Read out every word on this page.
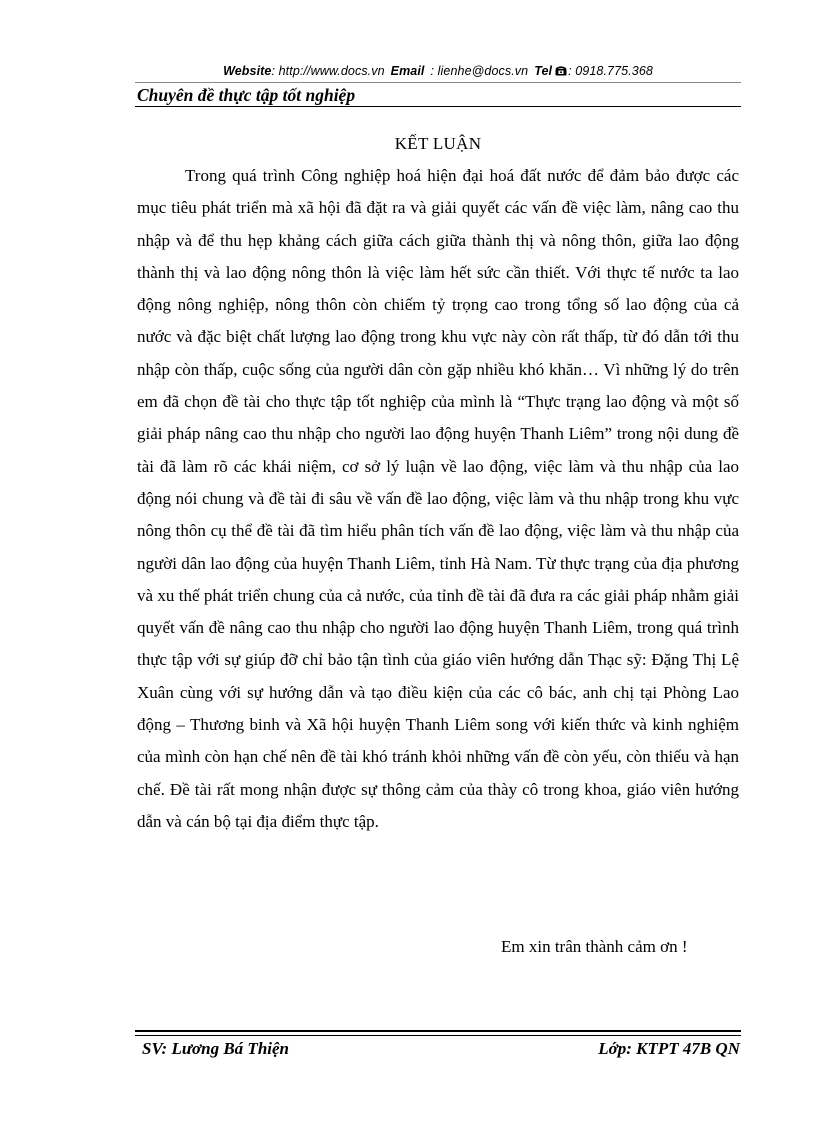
Website: http://www.docs.vn Email : lienhe@docs.vn Tel : 0918.775.368
Chuyên đề thực tập tốt nghiệp
KẾT LUẬN

Trong quá trình Công nghiệp hoá hiện đại hoá đất nước để đảm bảo được các mục tiêu phát triển mà xã hội đã đặt ra và giải quyết các vấn đề việc làm, nâng cao thu nhập và để thu hẹp khảng cách giữa cách giữa thành thị và nông thôn, giữa lao động thành thị và lao động nông thôn là việc làm hết sức cần thiết. Với thực tế nước ta lao động nông nghiệp, nông thôn còn chiếm tỷ trọng cao trong tổng số lao động của cả nước và đặc biệt chất lượng lao động trong khu vực này còn rất thấp, từ đó dẫn tới thu nhập còn thấp, cuộc sống của người dân còn gặp nhiều khó khăn… Vì những lý do trên em đã chọn đề tài cho thực tập tốt nghiệp của mình là “Thực trạng lao động và một số giải pháp nâng cao thu nhập cho người lao động huyện Thanh Liêm” trong nội dung đề tài đã làm rõ các khái niệm, cơ sở lý luận về lao động, việc làm và thu nhập của lao động nói chung và đề tài đi sâu về vấn đề lao động, việc làm và thu nhập trong khu vực nông thôn cụ thể đề tài đã tìm hiểu phân tích vấn đề lao động, việc làm và thu nhập của người dân lao động của huyện Thanh Liêm, tỉnh Hà Nam. Từ thực trạng của địa phương và xu thế phát triển chung của cả nước, của tỉnh đề tài đã đưa ra các giải pháp nhằm giải quyết vấn đề nâng cao thu nhập cho người lao động huyện Thanh Liêm, trong quá trình thực tập với sự giúp đỡ chỉ bảo tận tình của giáo viên hướng dẫn Thạc sỹ: Đặng Thị Lệ Xuân cùng với sự hướng dẫn và tạo điều kiện của các cô bác, anh chị tại Phòng Lao động – Thương binh và Xã hội huyện Thanh Liêm song với kiến thức và kinh nghiệm của mình còn hạn chế nên đề tài khó tránh khỏi những vấn đề còn yếu, còn thiếu và hạn chế. Đề tài rất mong nhận được sự thông cảm của thày cô trong khoa, giáo viên hướng dẫn và cán bộ tại địa điểm thực tập.

Em xin trân thành cảm ơn !
SV: Lương Bá Thiện	Lớp: KTPT 47B QN
